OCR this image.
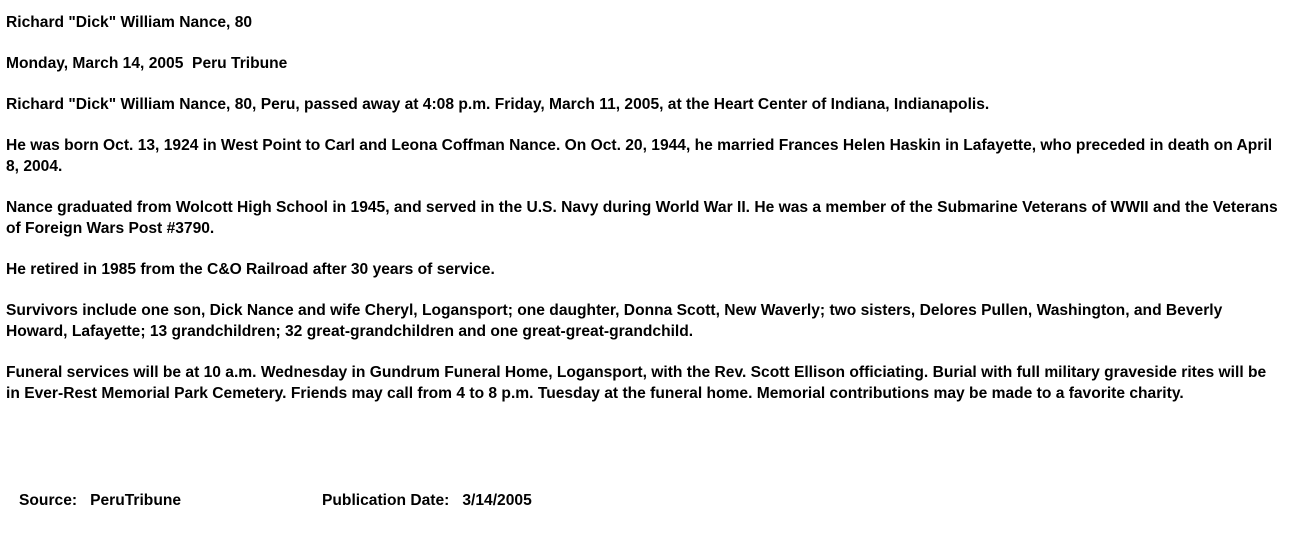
Richard "Dick" William Nance, 80

Monday, March 14, 2005  Peru Tribune

Richard "Dick" William Nance, 80, Peru, passed away at 4:08 p.m. Friday, March 11, 2005, at the Heart Center of Indiana, Indianapolis.

He was born Oct. 13, 1924 in West Point to Carl and Leona Coffman Nance. On Oct. 20, 1944, he married Frances Helen Haskin in Lafayette, who preceded in death on April 8, 2004.

Nance graduated from Wolcott High School in 1945, and served in the U.S. Navy during World War II. He was a member of the Submarine Veterans of WWII and the Veterans of Foreign Wars Post #3790.

He retired in 1985 from the C&O Railroad after 30 years of service.

Survivors include one son, Dick Nance and wife Cheryl, Logansport; one daughter, Donna Scott, New Waverly; two sisters, Delores Pullen, Washington, and Beverly Howard, Lafayette; 13 grandchildren; 32 great-grandchildren and one great-great-grandchild.

Funeral services will be at 10 a.m. Wednesday in Gundrum Funeral Home, Logansport, with the Rev. Scott Ellison officiating. Burial with full military graveside rites will be in Ever-Rest Memorial Park Cemetery. Friends may call from 4 to 8 p.m. Tuesday at the funeral home. Memorial contributions may be made to a favorite charity.

Source: PeruTribune	Publication Date: 3/14/2005
